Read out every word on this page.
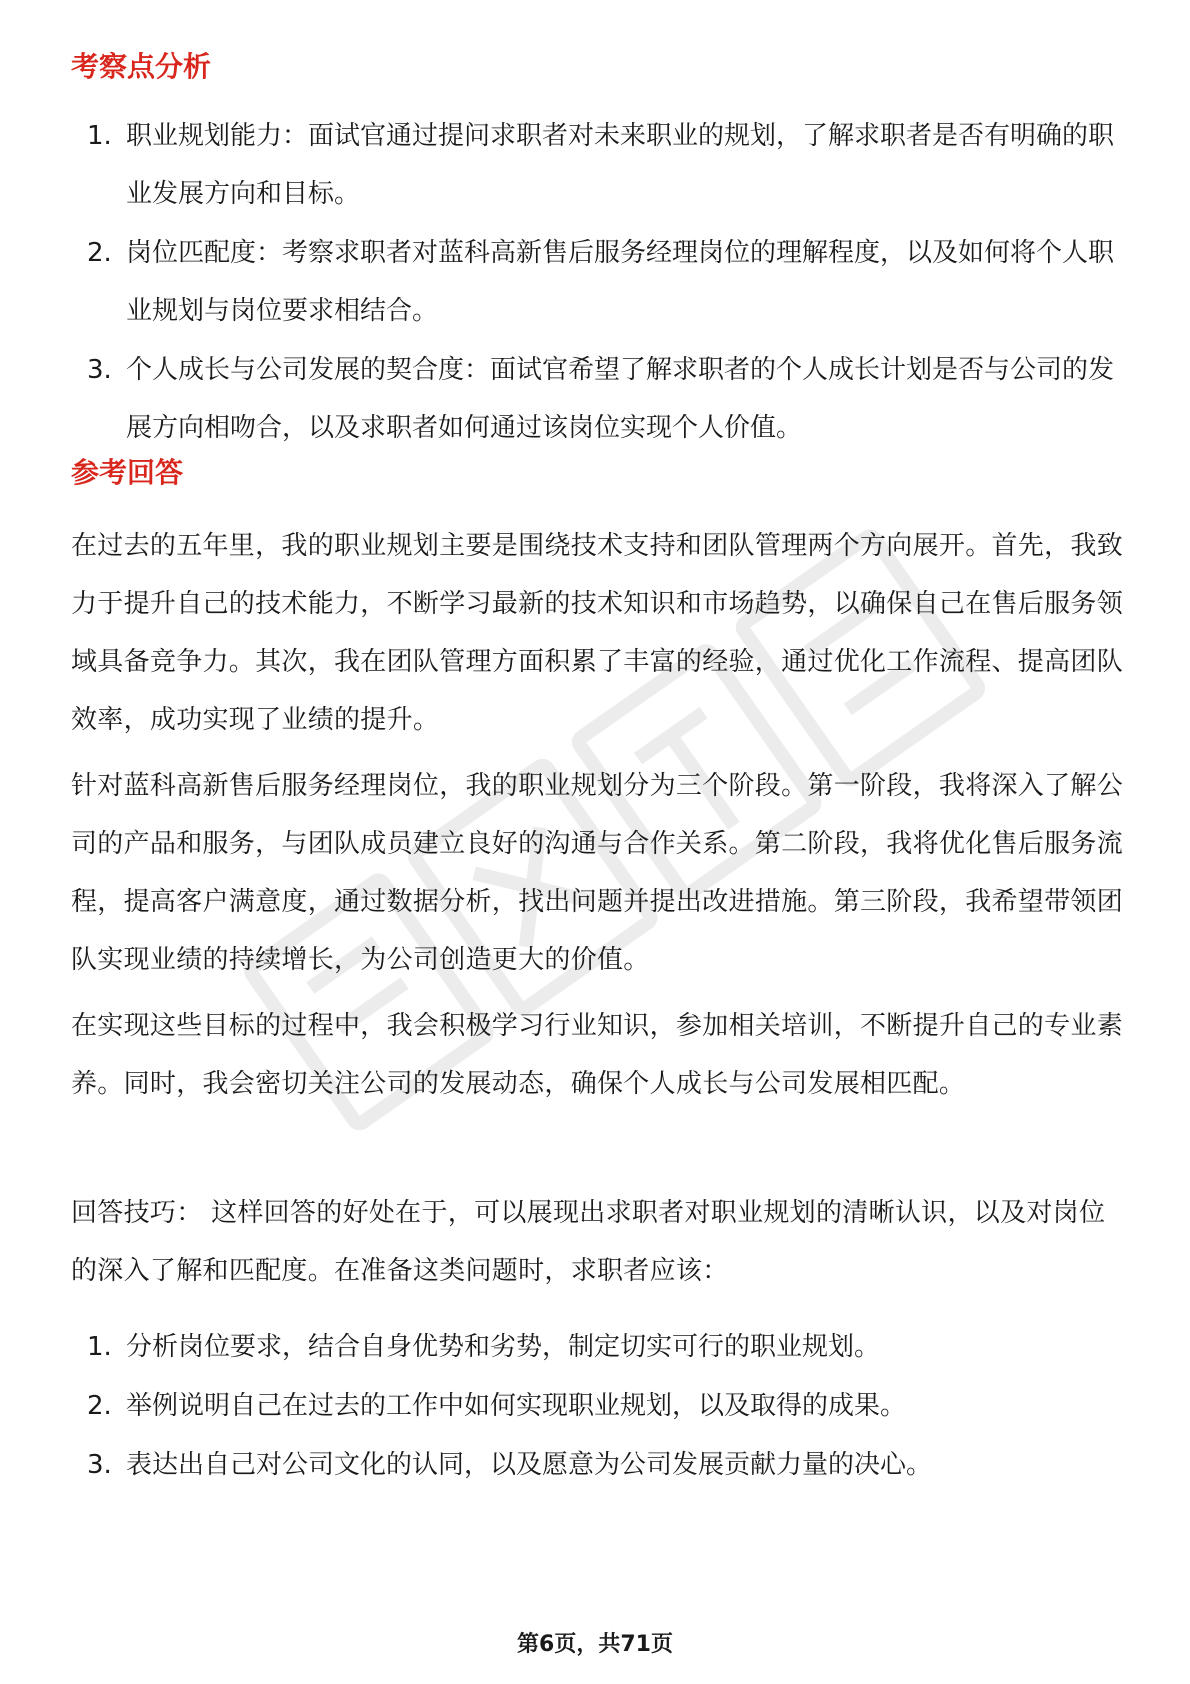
考察点分析
1. 职业规划能力：面试官通过提问求职者对未来职业的规划，了解求职者是否有明确的职业发展方向和目标。
2. 岗位匹配度：考察求职者对蓝科高新售后服务经理岗位的理解程度，以及如何将个人职业规划与岗位要求相结合。
3. 个人成长与公司发展的契合度：面试官希望了解求职者的个人成长计划是否与公司的发展方向相吻合，以及求职者如何通过该岗位实现个人价值。
参考回答

在过去的五年里，我的职业规划主要是围绕技术支持和团队管理两个方向展开。首先，我致力于提升自己的技术能力，不断学习最新的技术知识和市场趋势，以确保自己在售后服务领域具备竞争力。其次，我在团队管理方面积累了丰富的经验，通过优化工作流程、提高团队效率，成功实现了业绩的提升。

针对蓝科高新售后服务经理岗位，我的职业规划分为三个阶段。第一阶段，我将深入了解公司的产品和服务，与团队成员建立良好的沟通与合作关系。第二阶段，我将优化售后服务流程，提高客户满意度，通过数据分析，找出问题并提出改进措施。第三阶段，我希望带领团队实现业绩的持续增长，为公司创造更大的价值。

在实现这些目标的过程中，我会积极学习行业知识，参加相关培训，不断提升自己的专业素养。同时，我会密切关注公司的发展动态，确保个人成长与公司发展相匹配。

回答技巧： 这样回答的好处在于，可以展现出求职者对职业规划的清晰认识，以及对岗位的深入了解和匹配度。在准备这类问题时，求职者应该：

1. 分析岗位要求，结合自身优势和劣势，制定切实可行的职业规划。
2. 举例说明自己在过去的工作中如何实现职业规划，以及取得的成果。
3. 表达出自己对公司文化的认同，以及愿意为公司发展贡献力量的决心。
第6页，共71页
